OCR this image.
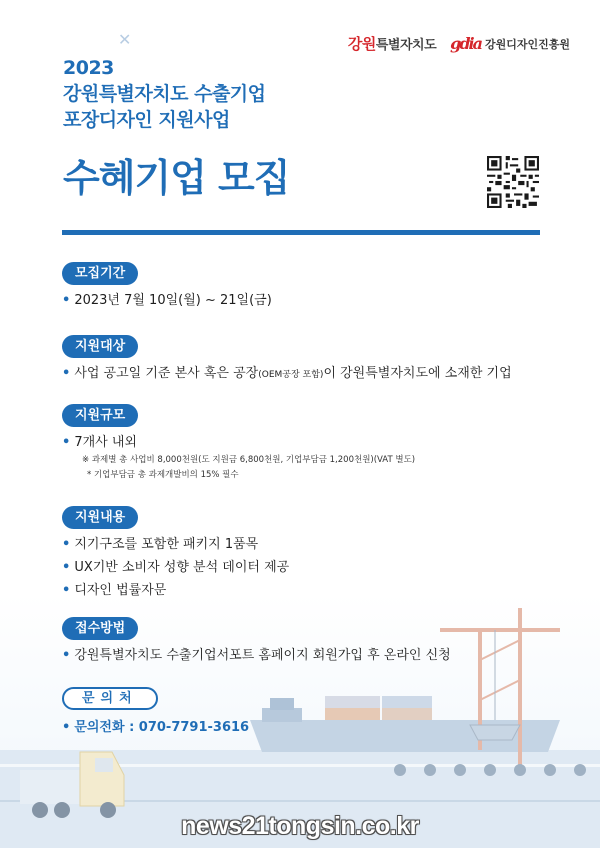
✕	강원 특별자치도 gdia 강원디자인진흥원
2023
강원특별자치도 수출기업
포장디자인 지원사업
수혜기업 모집
모집기간
• 2023년 7월 10일(월) ~ 21일(금)
지원대상
• 사업 공고일 기준 본사 혹은 공장(OEM공장 포함)이 강원특별자치도에 소재한 기업
지원규모
• 7개사 내외
※ 과제별 총 사업비 8,000천원(도 지원금 6,800천원, 기업부담금 1,200천원)(VAT 별도)
* 기업부담금 총 과제개발비의 15% 필수
지원내용
• 지기구조를 포함한 패키지 1품목
• UX기반 소비자 성향 분석 데이터 제공
• 디자인 법률자문
접수방법
• 강원특별자치도 수출기업서포트 홈페이지 회원가입 후 온라인 신청
문의처
• 문의전화 : 070-7791-3616
news21tongsin.co.kr
